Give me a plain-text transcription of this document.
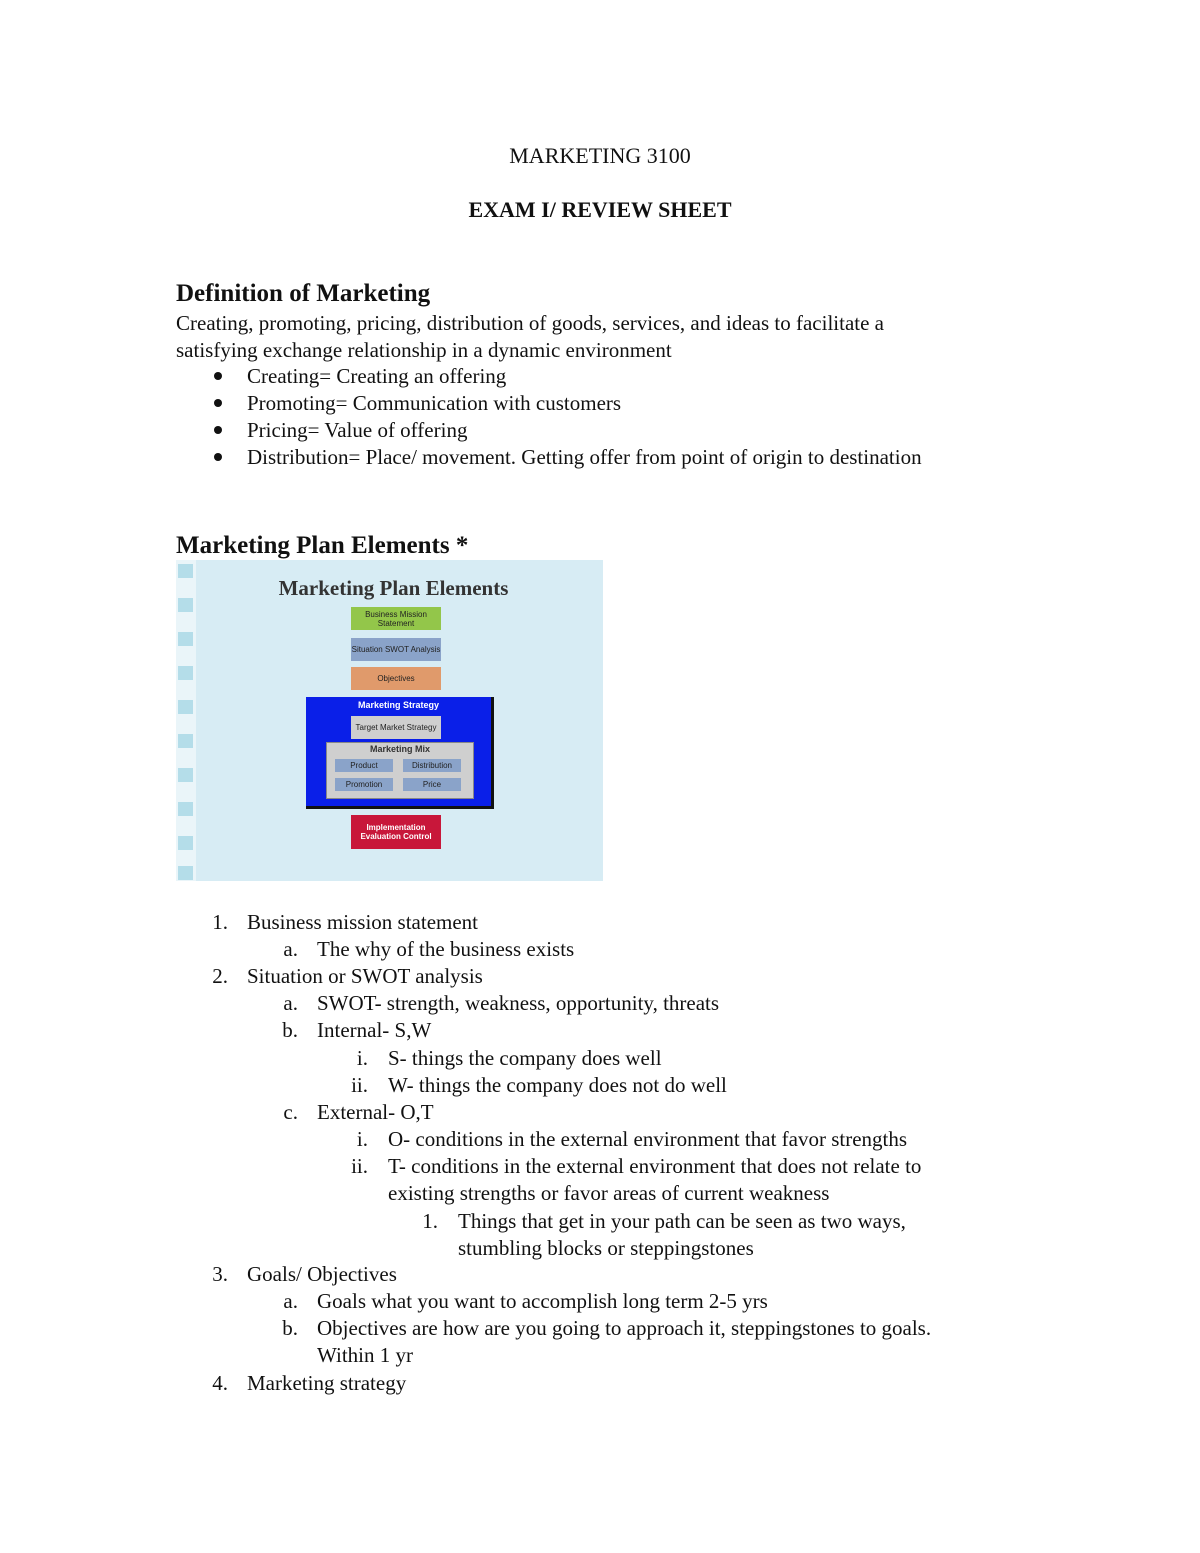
MARKETING 3100
EXAM I/ REVIEW SHEET
Definition of Marketing
Creating, promoting, pricing, distribution of goods, services, and ideas to facilitate a
satisfying exchange relationship in a dynamic environment
Creating= Creating an offering
Promoting= Communication with customers
Pricing= Value of offering
Distribution= Place/ movement. Getting offer from point of origin to destination
Marketing Plan Elements *
Marketing Plan Elements
Business Mission Statement
Situation SWOT Analysis
Objectives
Marketing Strategy
Target Market Strategy
Marketing Mix
Product	Distribution
Promotion	Price
Implementation Evaluation Control
1. Business mission statement
a. The why of the business exists
2. Situation or SWOT analysis
a. SWOT- strength, weakness, opportunity, threats
b. Internal- S,W
i. S- things the company does well
ii. W- things the company does not do well
c. External- O,T
i. O- conditions in the external environment that favor strengths
ii. T- conditions in the external environment that does not relate to
existing strengths or favor areas of current weakness
1. Things that get in your path can be seen as two ways,
stumbling blocks or steppingstones
3. Goals/ Objectives
a. Goals what you want to accomplish long term 2-5 yrs
b. Objectives are how are you going to approach it, steppingstones to goals.
Within 1 yr
4. Marketing strategy
